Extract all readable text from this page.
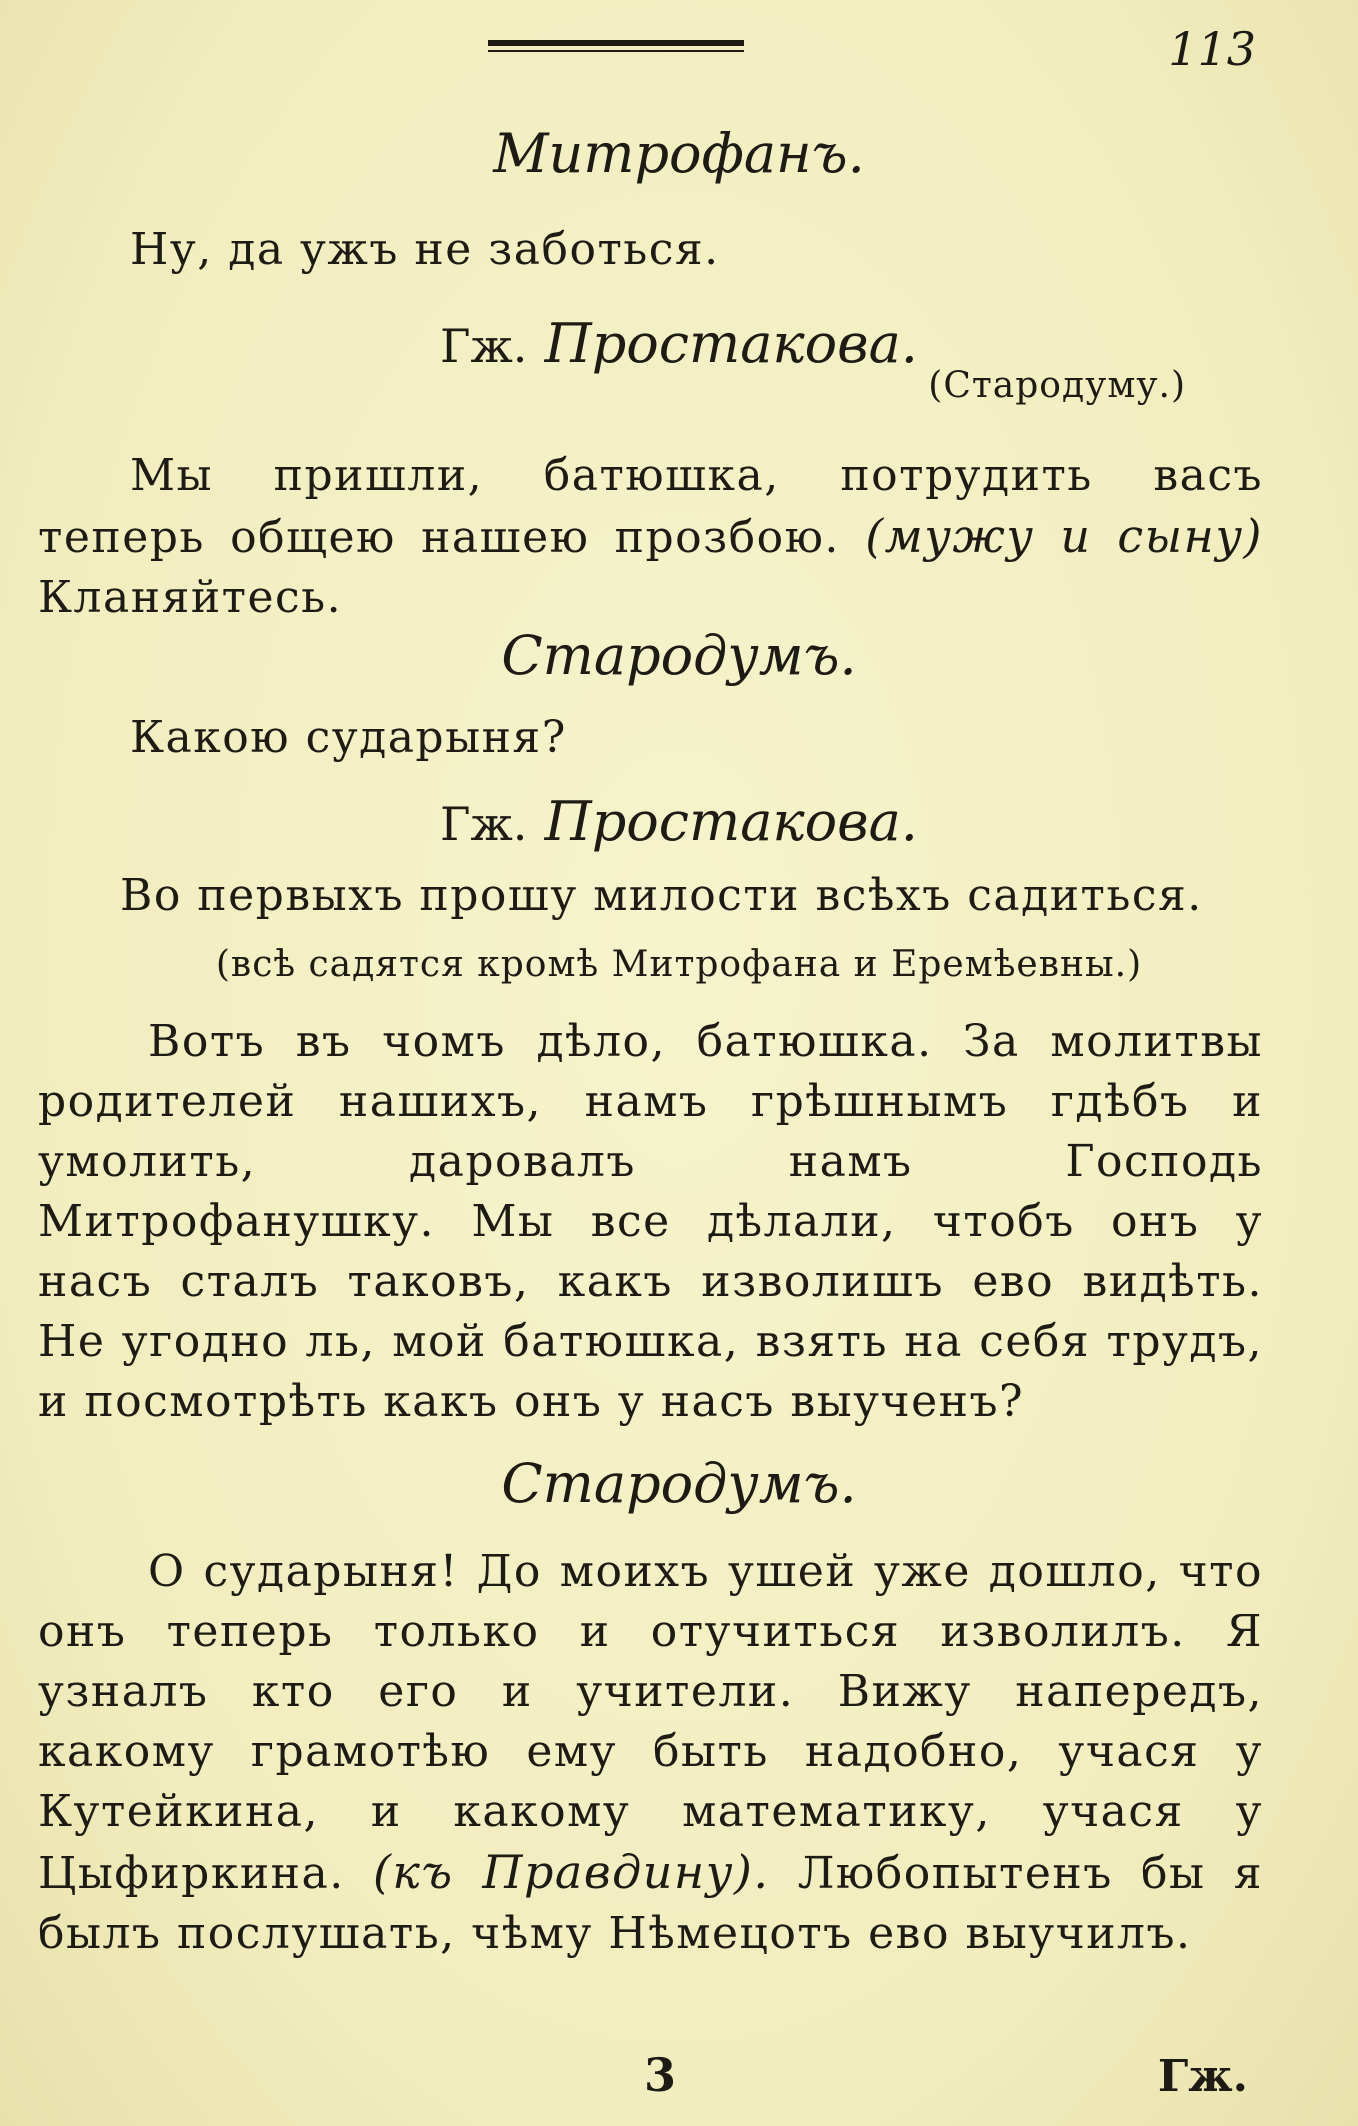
113

Митрофанъ.

Ну, да ужъ не заботься.

Гж. Простакова.

(Стародуму.)

Мы пришли, батюшка, потрудить васъ теперь общею нашею прозбою. (мужу и сыну) Кланяйтесь.

Стародумъ.

Какою сударыня?

Гж. Простакова.

Во первыхъ прошу милости всѣхъ садиться.

(всѣ садятся кромѣ Митрофана и Еремѣевны.)

Вотъ въ чомъ дѣло, батюшка. За молитвы родителей нашихъ, намъ грѣшнымъ гдѣбъ и умолить, даровалъ намъ Господь Митрофанушку. Мы все дѣлали, чтобъ онъ у насъ сталъ таковъ, какъ изволишъ ево видѣть. Не угодно ль, мой батюшка, взять на себя трудъ, и посмотрѣть какъ онъ у насъ выученъ?

Стародумъ.

О сударыня! До моихъ ушей уже дошло, что онъ теперь только и отучиться изволилъ. Я узналъ кто его и учители. Вижу напередъ, какому грамотѣю ему быть надобно, учася у Кутейкина, и какому математику, учася у Цыфиркина. (къ Правдину). Любопытенъ бы я былъ послушать, чѣму Нѣмецотъ ево выучилъ.

3	Гж.
